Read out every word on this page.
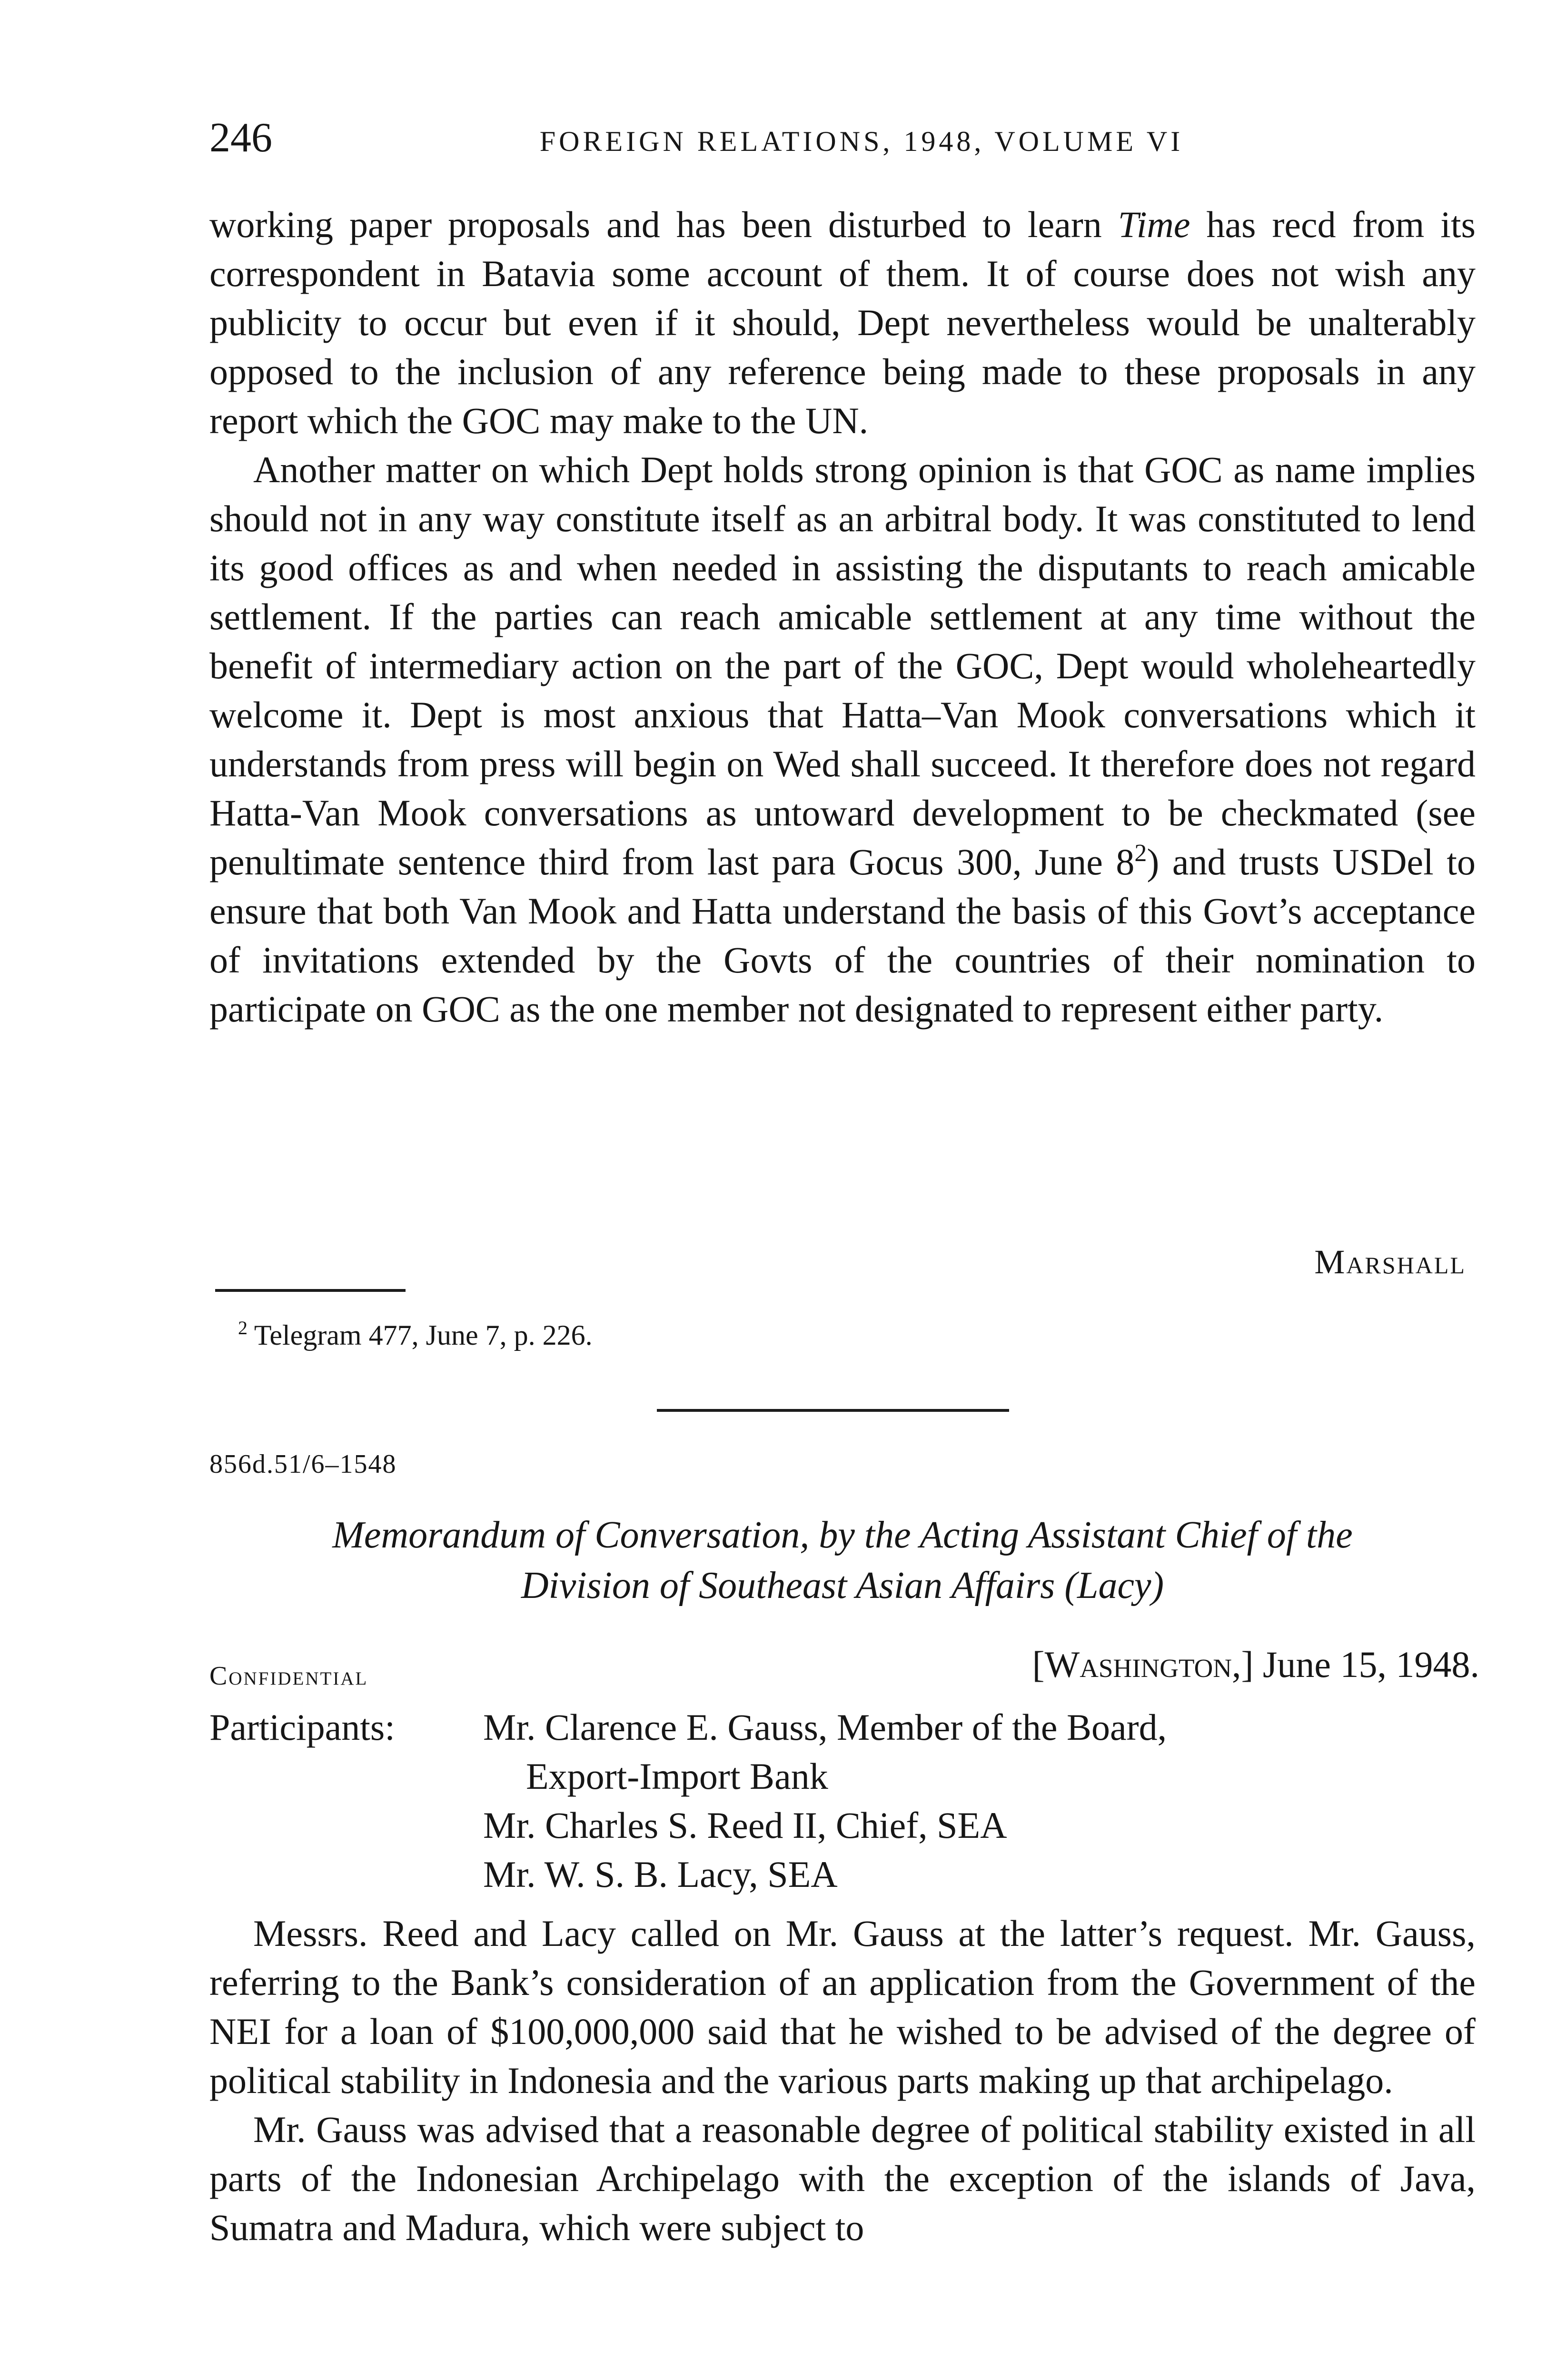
246	FOREIGN RELATIONS, 1948, VOLUME VI

working paper proposals and has been disturbed to learn Time has recd from its correspondent in Batavia some account of them. It of course does not wish any publicity to occur but even if it should, Dept nevertheless would be unalterably opposed to the inclusion of any reference being made to these proposals in any report which the GOC may make to the UN.

Another matter on which Dept holds strong opinion is that GOC as name implies should not in any way constitute itself as an arbitral body. It was constituted to lend its good offices as and when needed in assisting the disputants to reach amicable settlement. If the parties can reach amicable settlement at any time without the benefit of intermediary action on the part of the GOC, Dept would wholeheartedly welcome it. Dept is most anxious that Hatta–Van Mook conversations which it understands from press will begin on Wed shall succeed. It therefore does not regard Hatta-Van Mook conversations as untoward development to be checkmated (see penultimate sentence third from last para Gocus 300, June $8^2$) and trusts USDel to ensure that both Van Mook and Hatta understand the basis of this Govt’s acceptance of invitations extended by the Govts of the countries of their nomination to participate on GOC as the one member not designated to represent either party.

Marshall
$^2$ Telegram 477, June 7, p. 226.
856d.51/6–1548
Memorandum of Conversation, by the Acting Assistant Chief of the
Division of Southeast Asian Affairs (Lacy)
Confidential	[Washington,] June 15, 1948.
Participants: Mr. Clarence E. Gauss, Member of the Board,
Export-Import Bank
Mr. Charles S. Reed II, Chief, SEA
Mr. W. S. B. Lacy, SEA

Messrs. Reed and Lacy called on Mr. Gauss at the latter’s request. Mr. Gauss, referring to the Bank’s consideration of an application from the Government of the NEI for a loan of $100,000,000 said that he wished to be advised of the degree of political stability in Indonesia and the various parts making up that archipelago.

Mr. Gauss was advised that a reasonable degree of political stability existed in all parts of the Indonesian Archipelago with the exception of the islands of Java, Sumatra and Madura, which were subject to
